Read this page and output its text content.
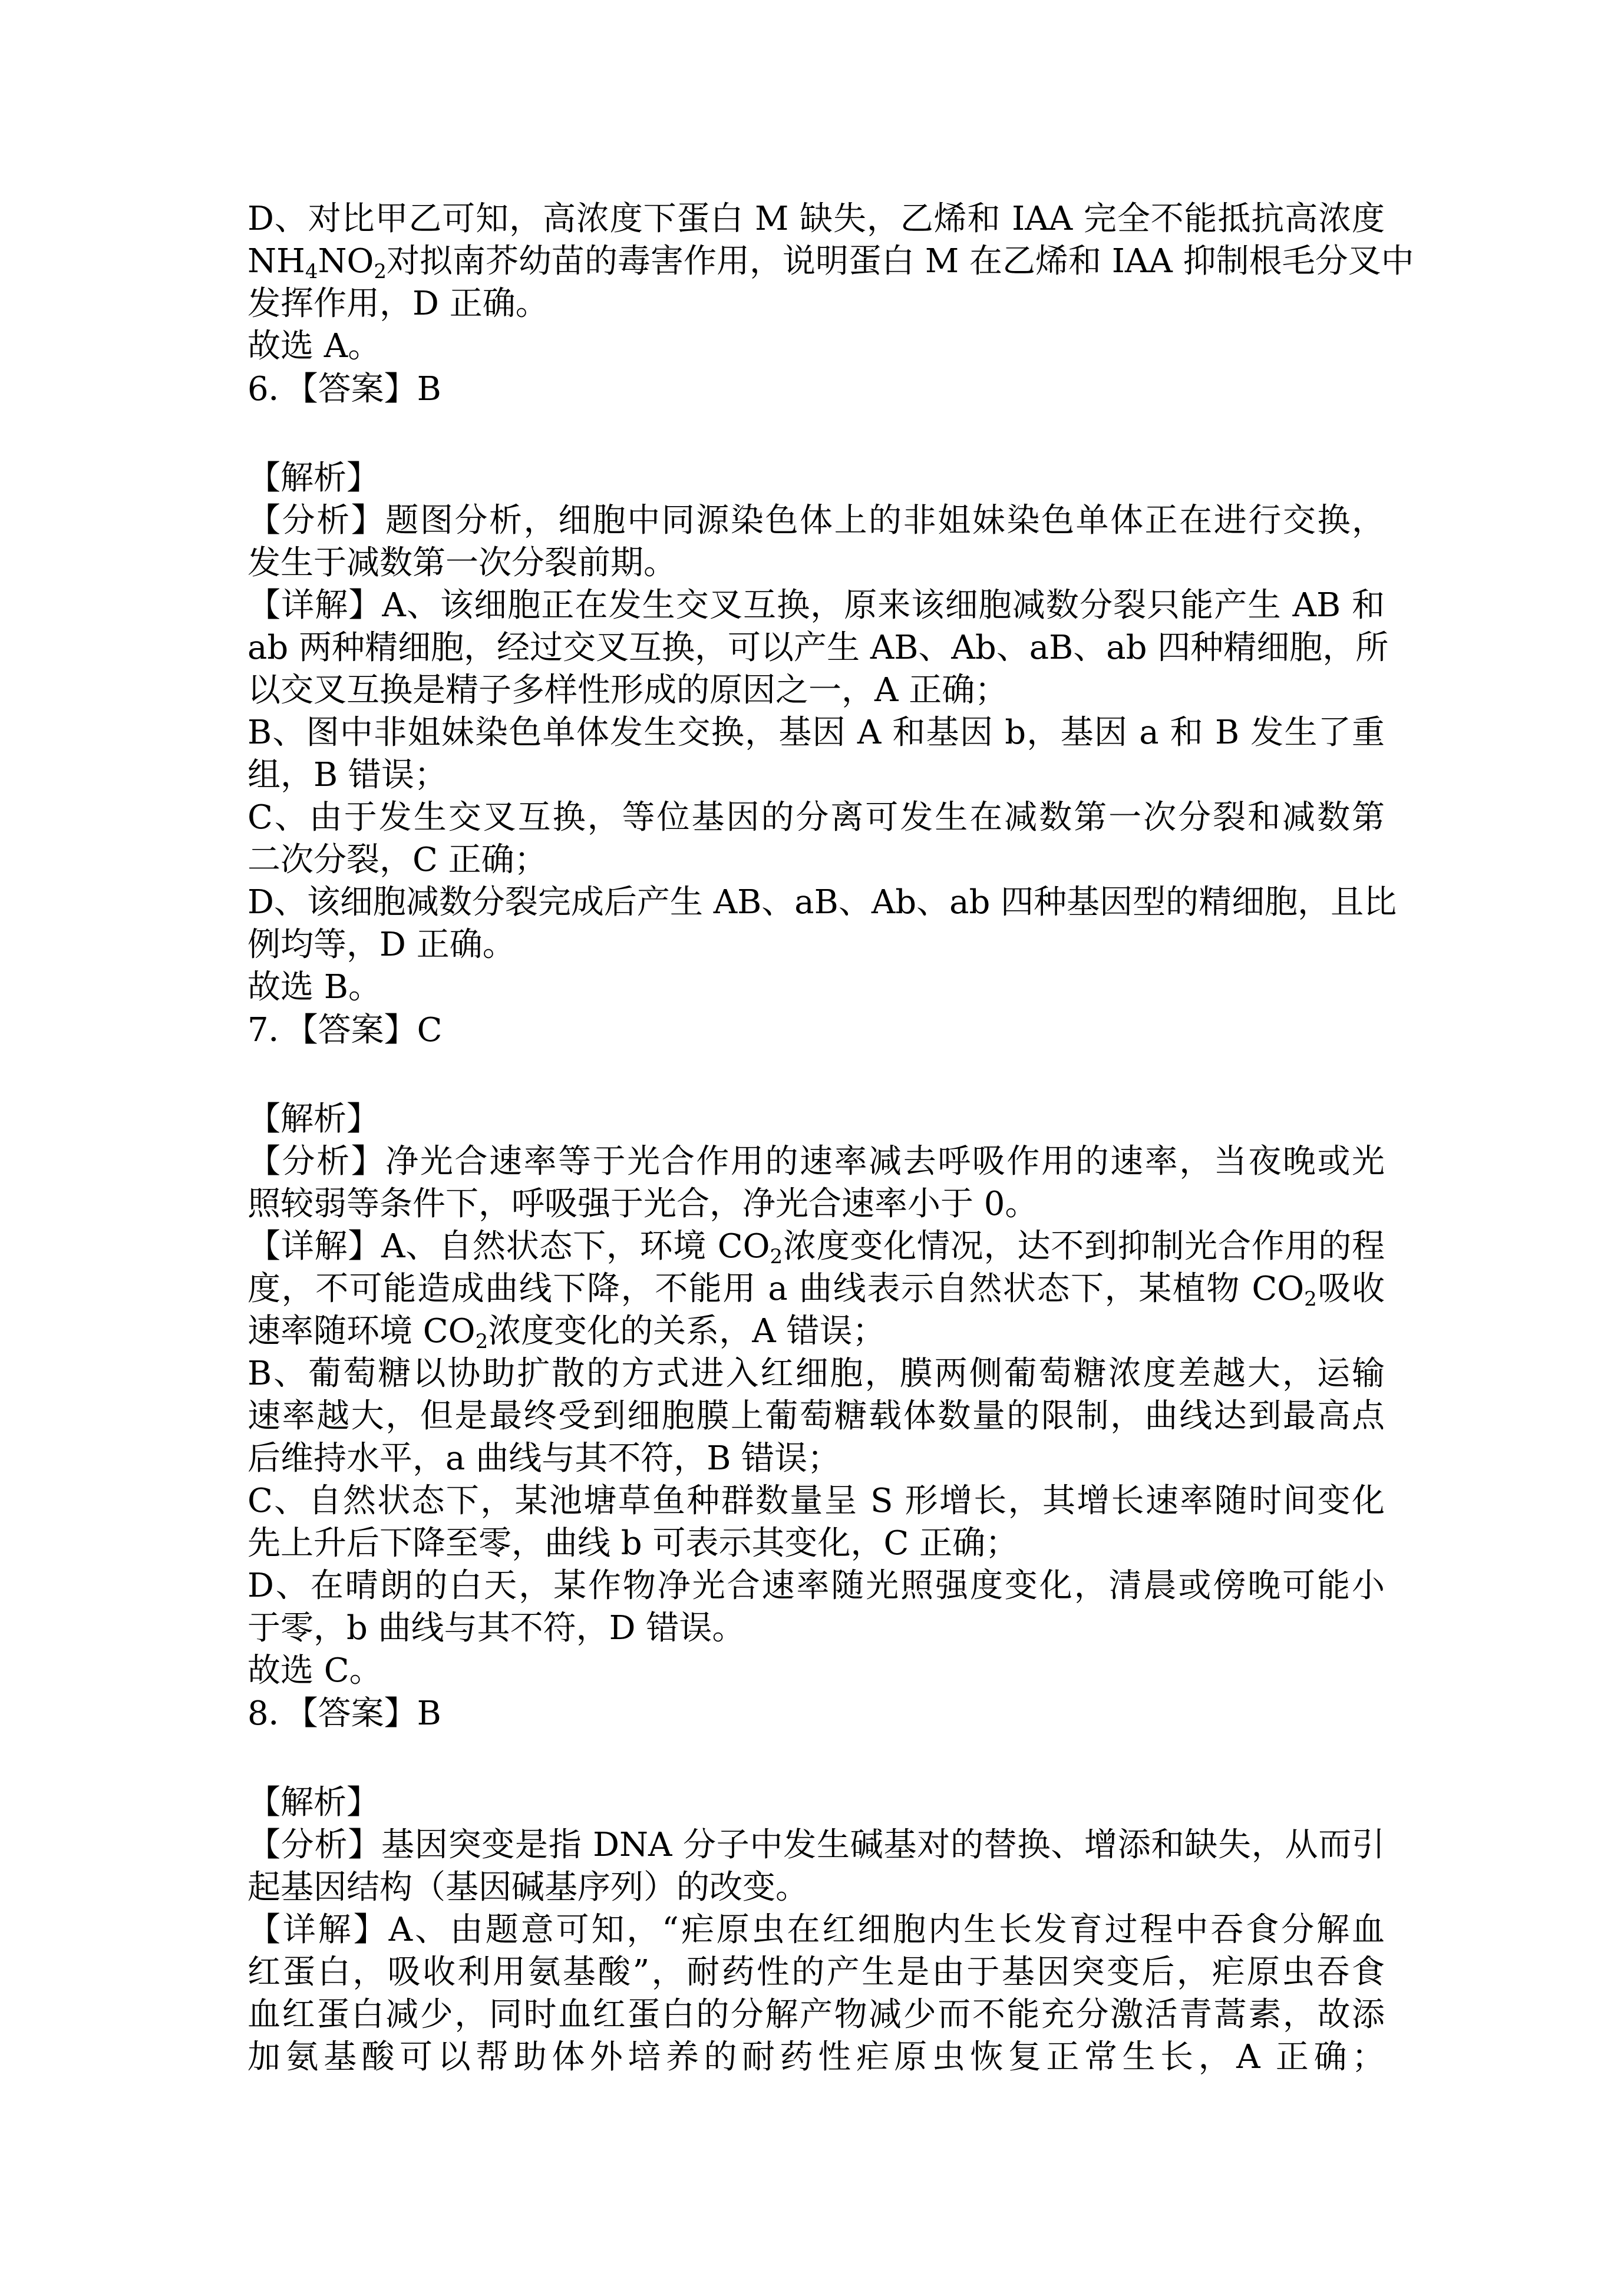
D、对比甲乙可知，高浓度下蛋白 M 缺失，乙烯和 IAA 完全不能抵抗高浓度
$NH_4NO_2$对拟南芥幼苗的毒害作用，说明蛋白 M 在乙烯和 IAA 抑制根毛分叉中
发挥作用，D 正确。
故选 A。
6．【答案】B
【解析】
【分析】题图分析，细胞中同源染色体上的非姐妹染色单体正在进行交换，
发生于减数第一次分裂前期。
【详解】A、该细胞正在发生交叉互换，原来该细胞减数分裂只能产生 AB 和
ab 两种精细胞，经过交叉互换，可以产生 AB、Ab、aB、ab 四种精细胞，所
以交叉互换是精子多样性形成的原因之一，A 正确；
B、图中非姐妹染色单体发生交换，基因 A 和基因 b，基因 a 和 B 发生了重
组，B 错误；
C、由于发生交叉互换，等位基因的分离可发生在减数第一次分裂和减数第
二次分裂，C 正确；
D、该细胞减数分裂完成后产生 AB、aB、Ab、ab 四种基因型的精细胞，且比
例均等，D 正确。
故选 B。
7．【答案】C
【解析】
【分析】净光合速率等于光合作用的速率减去呼吸作用的速率，当夜晚或光
照较弱等条件下，呼吸强于光合，净光合速率小于 0。
【详解】A、自然状态下，环境 $CO_2$浓度变化情况，达不到抑制光合作用的程
度，不可能造成曲线下降，不能用 a 曲线表示自然状态下，某植物 $CO_2$吸收
速率随环境 $CO_2$浓度变化的关系，A 错误；
B、葡萄糖以协助扩散的方式进入红细胞，膜两侧葡萄糖浓度差越大，运输
速率越大，但是最终受到细胞膜上葡萄糖载体数量的限制，曲线达到最高点
后维持水平，a 曲线与其不符，B 错误；
C、自然状态下，某池塘草鱼种群数量呈 S 形增长，其增长速率随时间变化
先上升后下降至零，曲线 b 可表示其变化，C 正确；
D、在晴朗的白天，某作物净光合速率随光照强度变化，清晨或傍晚可能小
于零，b 曲线与其不符，D 错误。
故选 C。
8．【答案】B
【解析】
【分析】基因突变是指 DNA 分子中发生碱基对的替换、增添和缺失，从而引
起基因结构（基因碱基序列）的改变。
【详解】A、由题意可知，“疟原虫在红细胞内生长发育过程中吞食分解血
红蛋白，吸收利用氨基酸”，耐药性的产生是由于基因突变后，疟原虫吞食
血红蛋白减少，同时血红蛋白的分解产物减少而不能充分激活青蒿素，故添
加氨基酸可以帮助体外培养的耐药性疟原虫恢复正常生长，A 正确；
